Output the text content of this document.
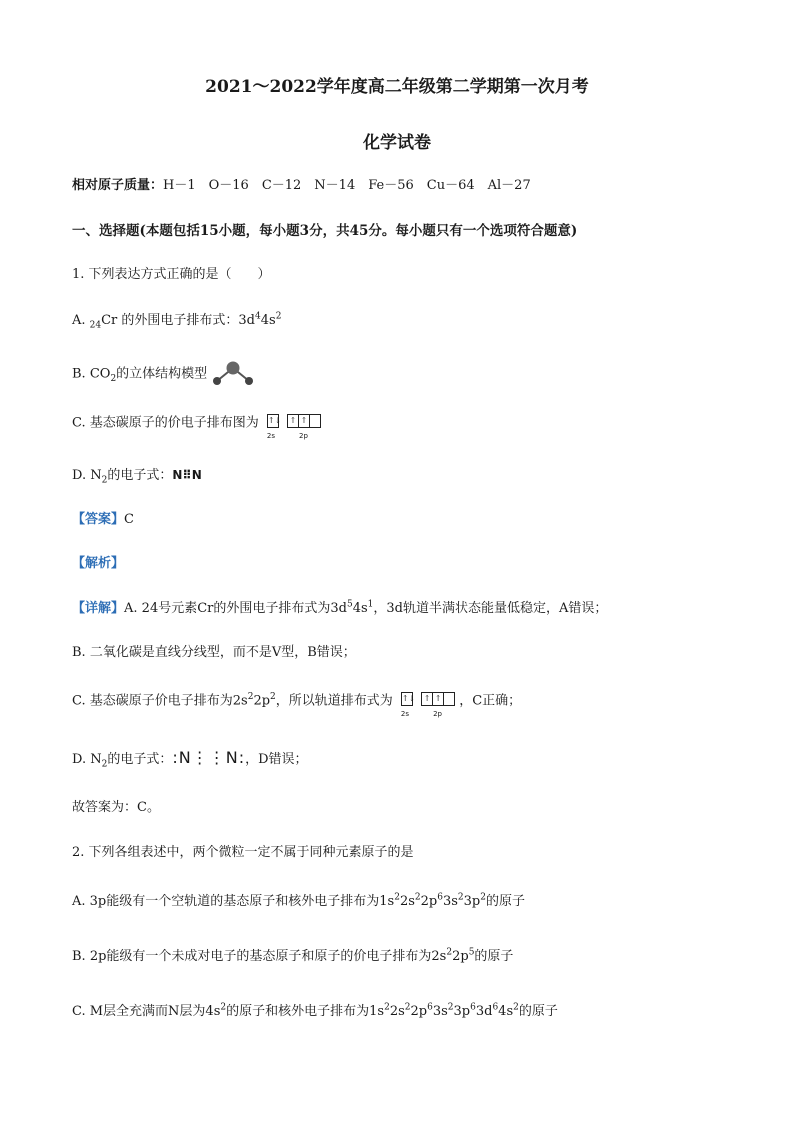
2021～2022学年度高二年级第二学期第一次月考
化学试卷
相对原子质量：H－1　O－16　C－12　N－14　Fe－56　Cu－64　Al－27
一、选择题(本题包括15小题，每小题3分，共45分。每小题只有一个选项符合题意)
1. 下列表达方式正确的是（　　）
A. $_{24}$Cr 的外围电子排布式：$3d^44s^2$
B. $CO_2$的立体结构模型
C. 基态碳原子的价电子排布图为 ↑↓
2s
↑ ↑
2p
D. $N_2$的电子式：N⠿N
【答案】C
【解析】
【详解】A. 24号元素Cr的外围电子排布式为$3d^54s^1$，3d轨道半满状态能量低稳定，A错误；
B. 二氧化碳是直线分线型，而不是V型，B错误；
C. 基态碳原子价电子排布为$2s^22p^2$，所以轨道排布式为 ↑↓
2s
↑ ↑
2p
，C正确；
D. $N_2$的电子式：:N⋮⋮N:，D错误；
故答案为：C。
2. 下列各组表述中，两个微粒一定不属于同种元素原子的是
A. 3p能级有一个空轨道的基态原子和核外电子排布为$1s^22s^22p^63s^23p^2$的原子
B. 2p能级有一个未成对电子的基态原子和原子的价电子排布为$2s^22p^5$的原子
C. M层全充满而N层为$4s^2$的原子和核外电子排布为$1s^22s^22p^63s^23p^63d^64s^2$的原子
